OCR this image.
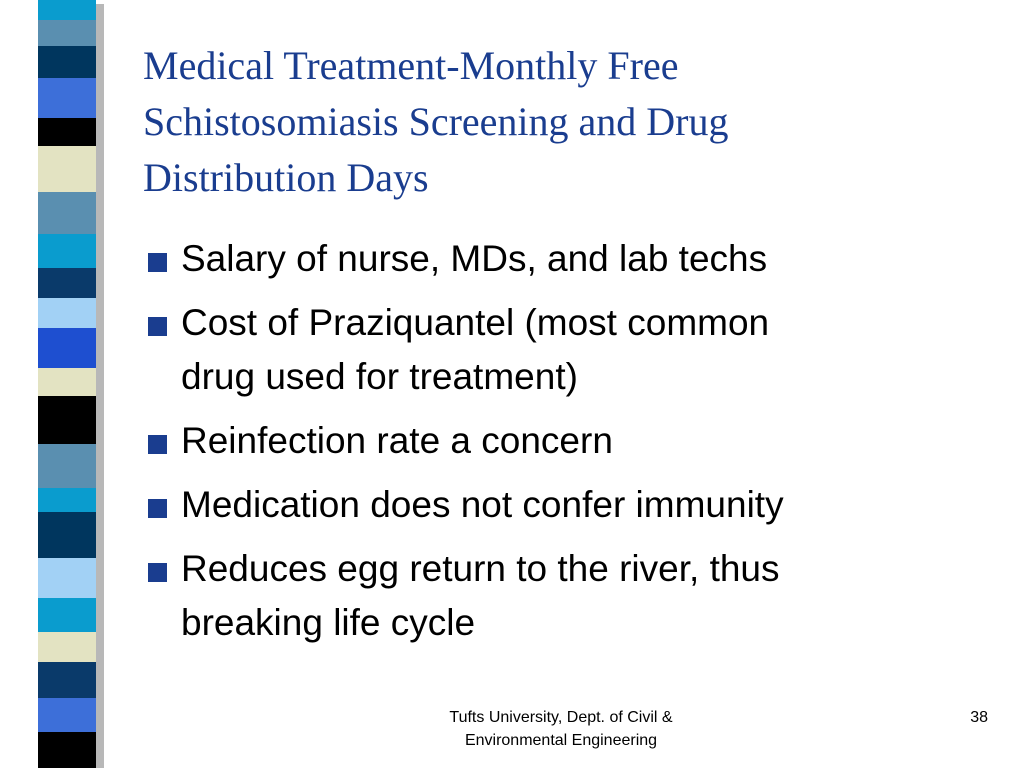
Medical Treatment-Monthly Free
Schistosomiasis Screening and Drug
Distribution Days
Salary of nurse, MDs, and lab techs
Cost of Praziquantel (most common
drug used for treatment)
Reinfection rate a concern
Medication does not confer immunity
Reduces egg return to the river, thus
breaking life cycle
Tufts University, Dept. of Civil &
Environmental Engineering
38
